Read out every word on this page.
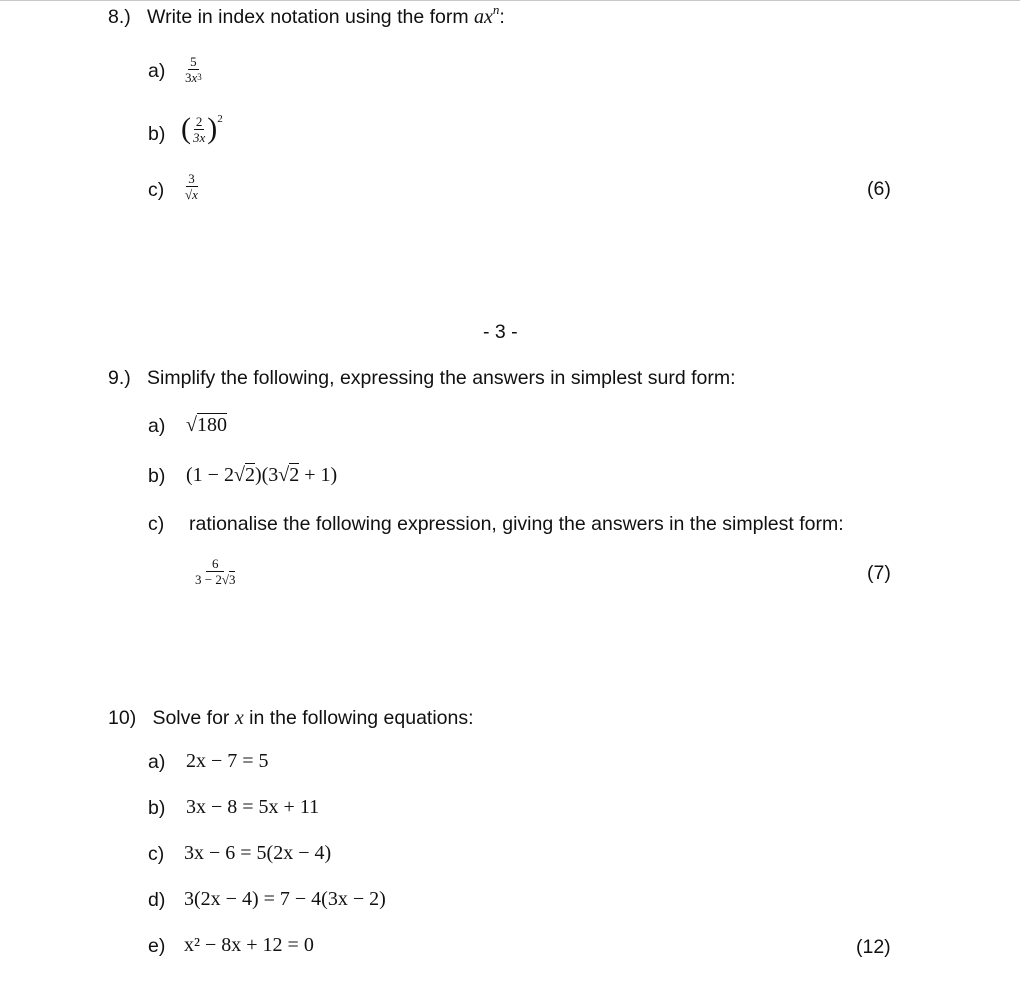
8.) Write in index notation using the form $ax^n$:
$a) \frac{5}{3x^3}$
b) ( $\frac{2}{3x}$ ) 2
$c) \frac{3}{√x}$	(6)
- 3 -
9.) Simplify the following, expressing the answers in simplest surd form:
a) √180
b) (1 − 2√2)(3√2 + 1)
c) rationalise the following expression, giving the answers in the simplest form:
$\frac{6}{3 - 2√3}$	(7)
10) Solve for x in the following equations:
a) 2x − 7 = 5
b) 3x − 8 = 5x + 11
c) 3x − 6 = 5(2x − 4)
d) 3(2x − 4) = 7 − 4(3x − 2)
e) x² − 8x + 12 = 0	(12)
